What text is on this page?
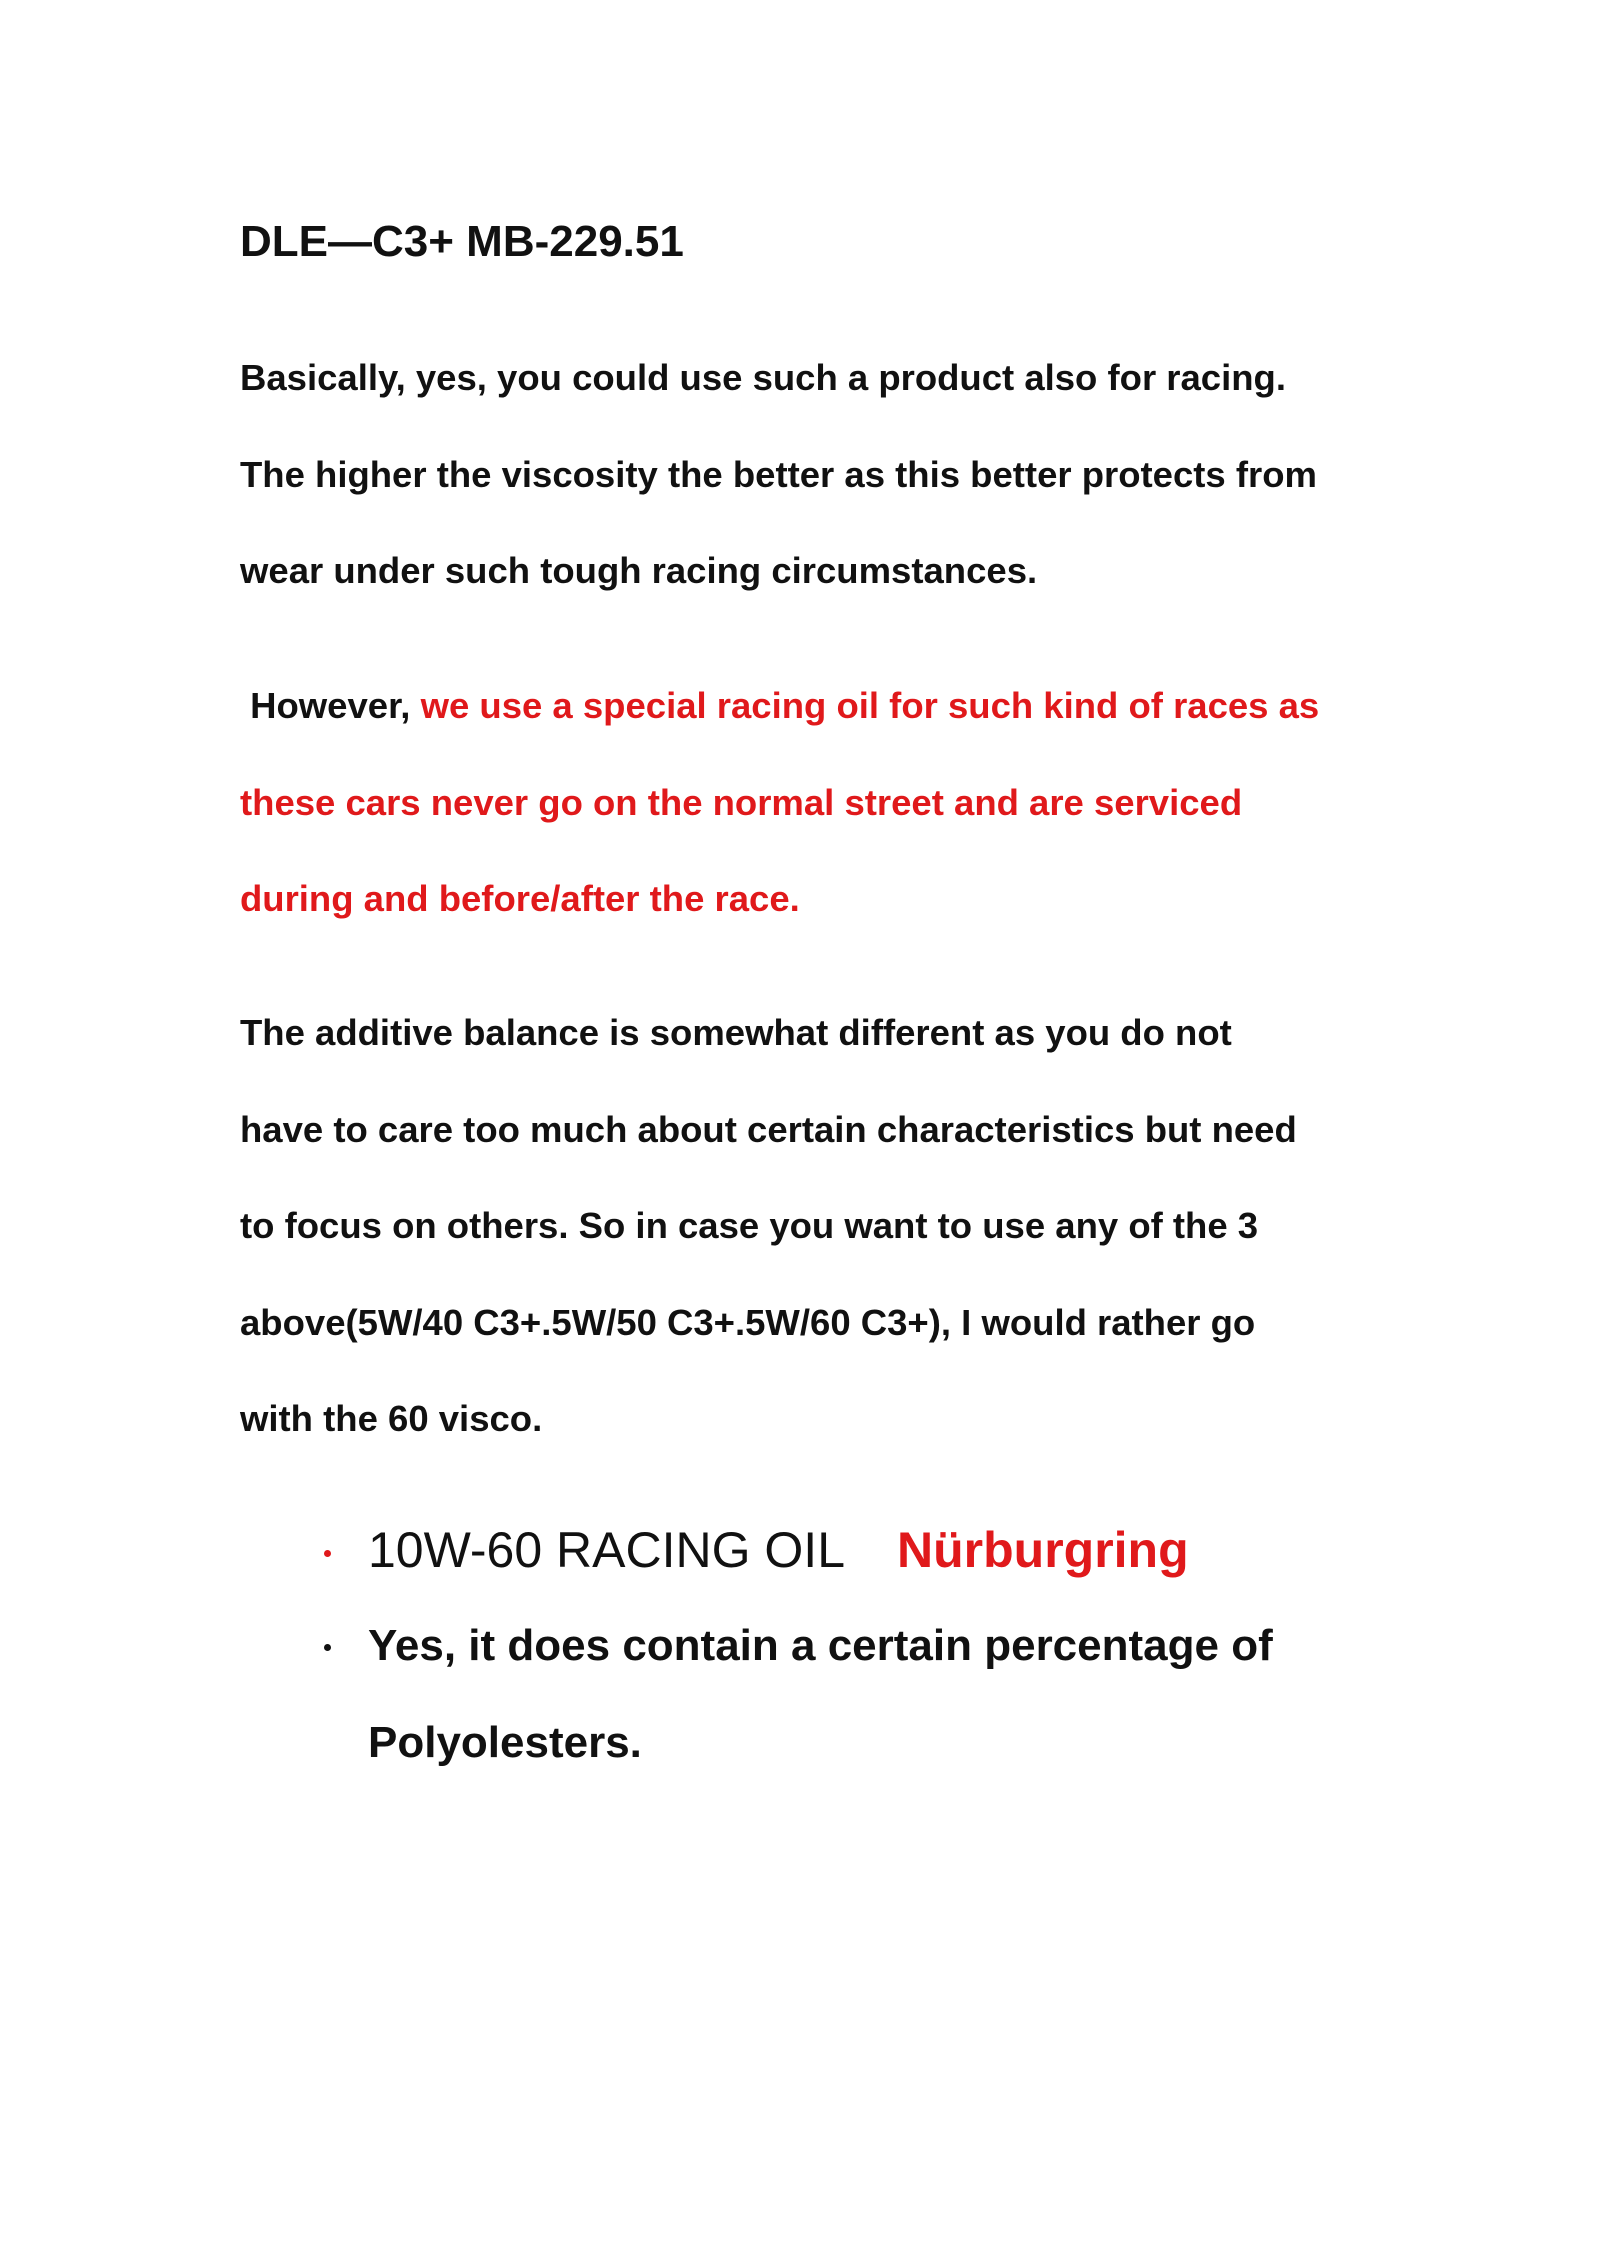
DLE—C3+ MB-229.51

Basically, yes, you could use such a product also for racing.
The higher the viscosity the better as this better protects from
wear under such tough racing circumstances.

However, we use a special racing oil for such kind of races as
these cars never go on the normal street and are serviced
during and before/after the race.

The additive balance is somewhat different as you do not
have to care too much about certain characteristics but need
to focus on others. So in case you want to use any of the 3
above(5W/40 C3+.5W/50 C3+.5W/60 C3+), I would rather go
with the 60 visco.

10W-60 RACING OIL Nürburgring
Yes, it does contain a certain percentage of
Polyolesters.
